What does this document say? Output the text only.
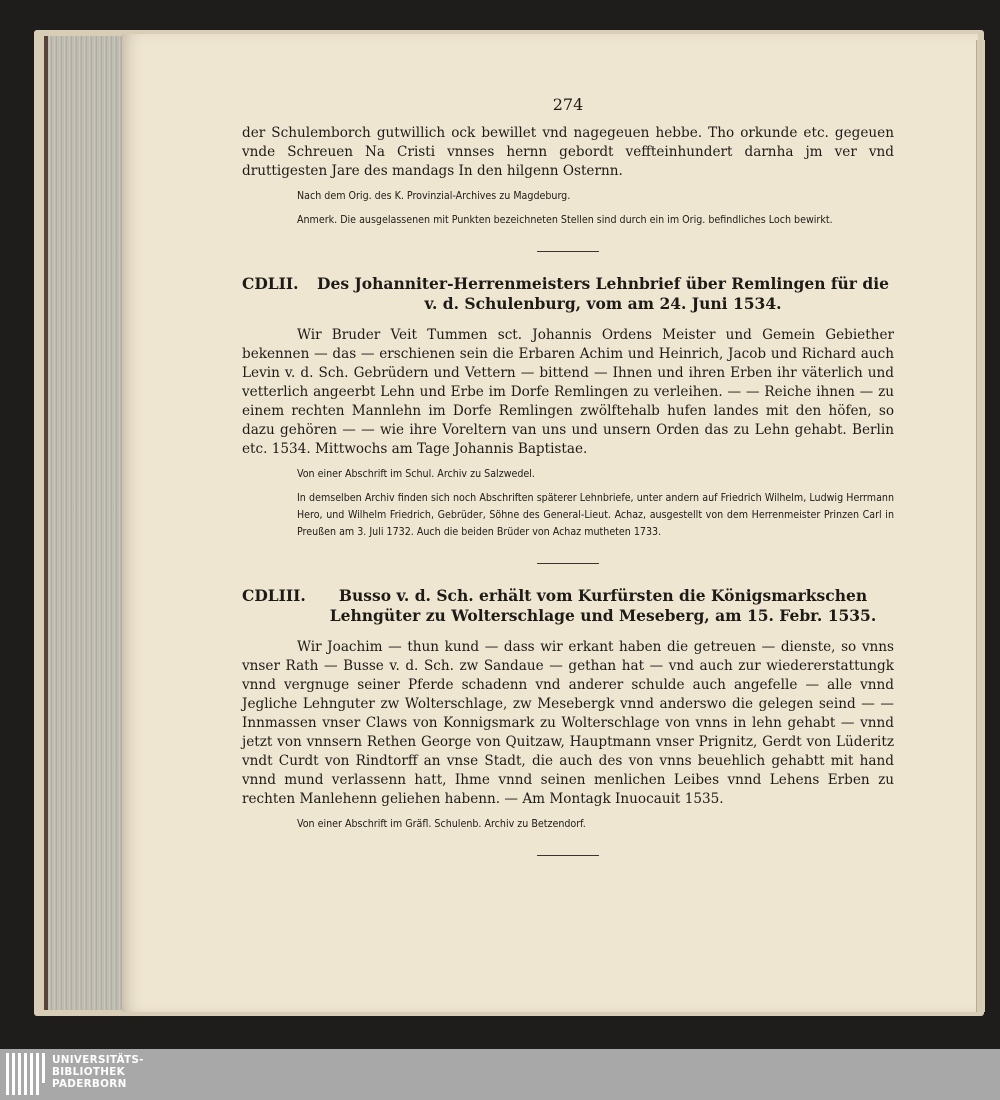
274

der Schulemborch gutwillich ock bewillet vnd nagegeuen hebbe. Tho orkunde etc. gegeuen vnde Schreuen Na Cristi vnnses hernn gebordt veffteinhundert darnha jm ver vnd druttigesten Jare des mandags In den hilgenn Osternn.

Nach dem Orig. des K. Provinzial-Archives zu Magdeburg.

Anmerk. Die ausgelassenen mit Punkten bezeichneten Stellen sind durch ein im Orig. befindliches Loch bewirkt.

CDLII.	Des Johanniter-Herrenmeisters Lehnbrief über Remlingen für die v. d. Schulenburg, vom am 24. Juni 1534.

Wir Bruder Veit Tummen sct. Johannis Ordens Meister und Gemein Gebiether bekennen — das — erschienen sein die Erbaren Achim und Heinrich, Jacob und Richard auch Levin v. d. Sch. Gebrüdern und Vettern — bittend — Ihnen und ihren Erben ihr väterlich und vetterlich angeerbt Lehn und Erbe im Dorfe Remlingen zu verleihen. — — Reiche ihnen — zu einem rechten Mannlehn im Dorfe Remlingen zwölftehalb hufen landes mit den höfen, so dazu gehören — — wie ihre Voreltern van uns und unsern Orden das zu Lehn gehabt. Berlin etc. 1534. Mittwochs am Tage Johannis Baptistae.

Von einer Abschrift im Schul. Archiv zu Salzwedel.

In demselben Archiv finden sich noch Abschriften späterer Lehnbriefe, unter andern auf Friedrich Wilhelm, Ludwig Herrmann Hero, und Wilhelm Friedrich, Gebrüder, Söhne des General-Lieut. Achaz, ausgestellt von dem Herrenmeister Prinzen Carl in Preußen am 3. Juli 1732. Auch die beiden Brüder von Achaz mutheten 1733.

CDLIII.	Busso v. d. Sch. erhält vom Kurfürsten die Königsmarkschen Lehngüter zu Wolterschlage und Meseberg, am 15. Febr. 1535.

Wir Joachim — thun kund — dass wir erkant haben die getreuen — dienste, so vnns vnser Rath — Busse v. d. Sch. zw Sandaue — gethan hat — vnd auch zur wiedererstattungk vnnd vergnuge seiner Pferde schadenn vnd anderer schulde auch angefelle — alle vnnd Jegliche Lehnguter zw Wolterschlage, zw Mesebergk vnnd anderswo die gelegen seind — — Innmassen vnser Claws von Konnigsmark zu Wolterschlage von vnns in lehn gehabt — vnnd jetzt von vnnsern Rethen George von Quitzaw, Hauptmann vnser Prignitz, Gerdt von Lüderitz vndt Curdt von Rindtorff an vnse Stadt, die auch des von vnns beuehlich gehabtt mit hand vnnd mund verlassenn hatt, Ihme vnnd seinen menlichen Leibes vnnd Lehens Erben zu rechten Manlehenn geliehen habenn. — Am Montagk Inuocauit 1535.

Von einer Abschrift im Gräfl. Schulenb. Archiv zu Betzendorf.

UNIVERSITÄTS-
BIBLIOTHEK
PADERBORN
